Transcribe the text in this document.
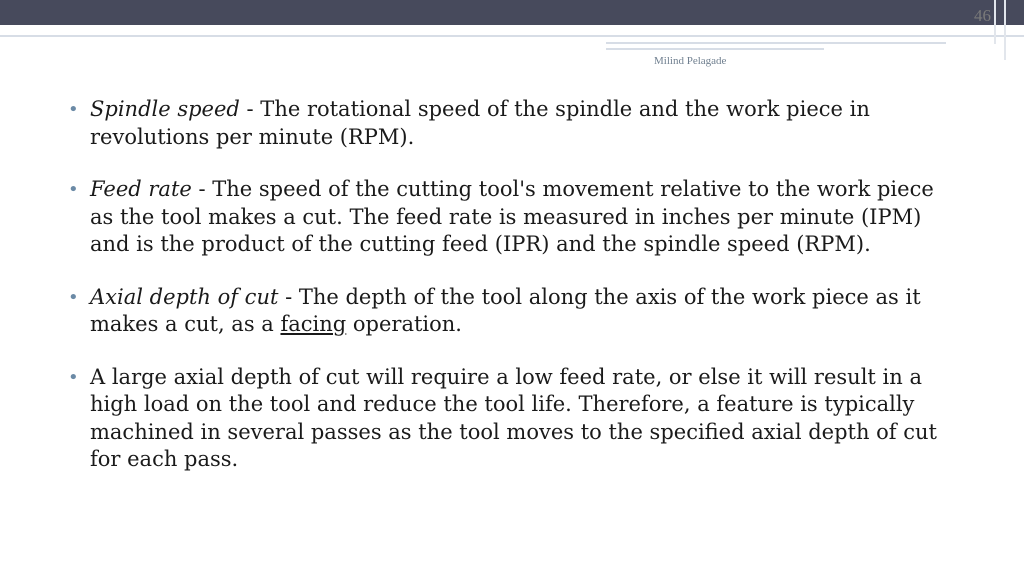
46
Milind Pelagade
• Spindle speed - The rotational speed of the spindle and the work piece in revolutions per minute (RPM).
• Feed rate - The speed of the cutting tool's movement relative to the work piece as the tool makes a cut. The feed rate is measured in inches per minute (IPM) and is the product of the cutting feed (IPR) and the spindle speed (RPM).
• Axial depth of cut - The depth of the tool along the axis of the work piece as it makes a cut, as a facing operation.
• A large axial depth of cut will require a low feed rate, or else it will result in a high load on the tool and reduce the tool life. Therefore, a feature is typically machined in several passes as the tool moves to the specified axial depth of cut for each pass.
